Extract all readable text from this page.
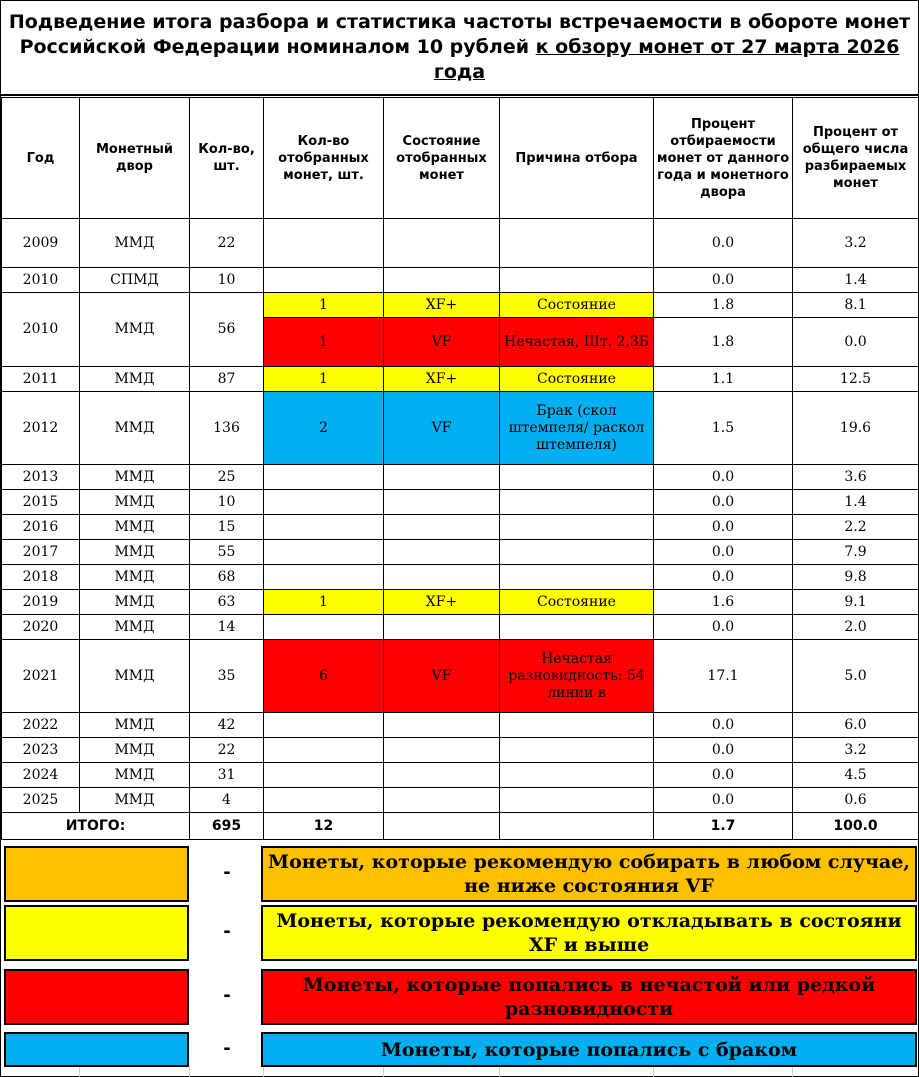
Подведение итога разбора и статистика частоты встречаемости в обороте монет Российской Федерации номиналом 10 рублей к обзору монет от 27 марта 2026 года
Год	Монетный двор	Кол-во, шт.	Кол-во отобранных монет, шт.	Состояние отобранных монет	Причина отбора	Процент отбираемости монет от данного года и монетного двора	Процент от общего числа разбираемых монет
2009	ММД	22				0.0	3.2
2010	СПМД	10				0.0	1.4
2010	ММД	56	1	XF+	Состояние	1.8	8.1
			1	VF	Нечастая, Шт. 2.3Б	1.8	0.0
2011	ММД	87	1	XF+	Состояние	1.1	12.5
2012	ММД	136	2	VF	Брак (скол штемпеля/ раскол штемпеля)	1.5	19.6
2013	ММД	25				0.0	3.6
2015	ММД	10				0.0	1.4
2016	ММД	15				0.0	2.2
2017	ММД	55				0.0	7.9
2018	ММД	68				0.0	9.8
2019	ММД	63	1	XF+	Состояние	1.6	9.1
2020	ММД	14				0.0	2.0
2021	ММД	35	6	VF	Нечастая разновидность: 54 линии в	17.1	5.0
2022	ММД	42				0.0	6.0
2023	ММД	22				0.0	3.2
2024	ММД	31				0.0	4.5
2025	ММД	4				0.0	0.6
ИТОГО:		695	12			1.7	100.0
-	Монеты, которые рекомендую собирать в любом случае, не ниже состояния VF
-	Монеты, которые рекомендую откладывать в состояни XF и выше
-	Монеты, которые попались в нечастой или редкой разновидности
-	Монеты, которые попались с браком
